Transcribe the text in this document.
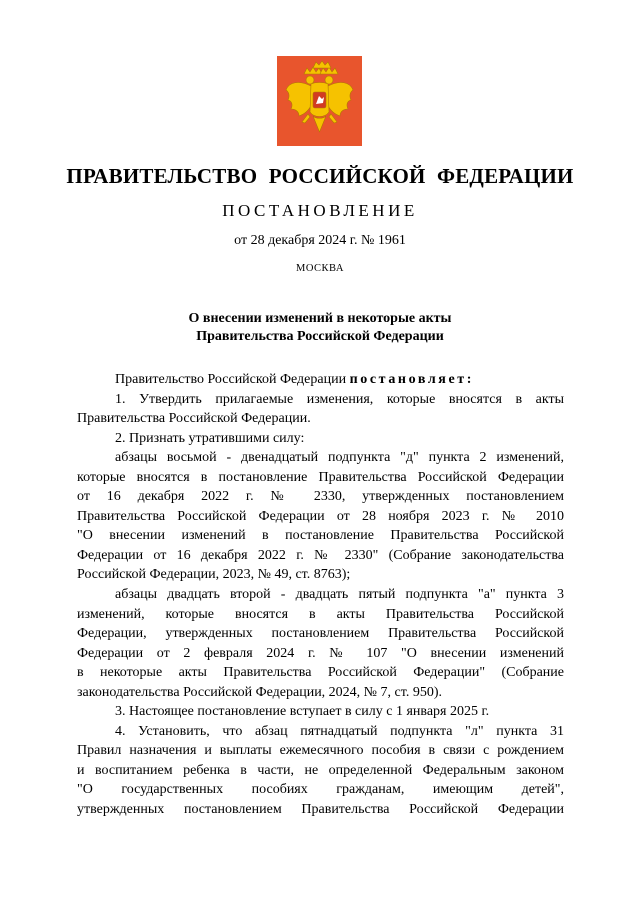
ПРАВИТЕЛЬСТВО РОССИЙСКОЙ ФЕДЕРАЦИИ
ПОСТАНОВЛЕНИЕ
от 28 декабря 2024 г. № 1961
МОСКВА
О внесении изменений в некоторые акты
Правительства Российской Федерации
Правительство Российской Федерации постановляет:
1. Утвердить прилагаемые изменения, которые вносятся в акты
Правительства Российской Федерации.
2. Признать утратившими силу:
абзацы восьмой - двенадцатый подпункта "д" пункта 2 изменений,
которые вносятся в постановление Правительства Российской Федерации
от 16 декабря 2022 г. № 2330, утвержденных постановлением
Правительства Российской Федерации от 28 ноября 2023 г. № 2010
"О внесении изменений в постановление Правительства Российской
Федерации от 16 декабря 2022 г. № 2330" (Собрание законодательства
Российской Федерации, 2023, № 49, ст. 8763);
абзацы двадцать второй - двадцать пятый подпункта "а" пункта 3
изменений, которые вносятся в акты Правительства Российской
Федерации, утвержденных постановлением Правительства Российской
Федерации от 2 февраля 2024 г. № 107 "О внесении изменений
в некоторые акты Правительства Российской Федерации" (Собрание
законодательства Российской Федерации, 2024, № 7, ст. 950).
3. Настоящее постановление вступает в силу с 1 января 2025 г.
4. Установить, что абзац пятнадцатый подпункта "л" пункта 31
Правил назначения и выплаты ежемесячного пособия в связи с рождением
и воспитанием ребенка в части, не определенной Федеральным законом
"О государственных пособиях гражданам, имеющим детей",
утвержденных постановлением Правительства Российской Федерации
